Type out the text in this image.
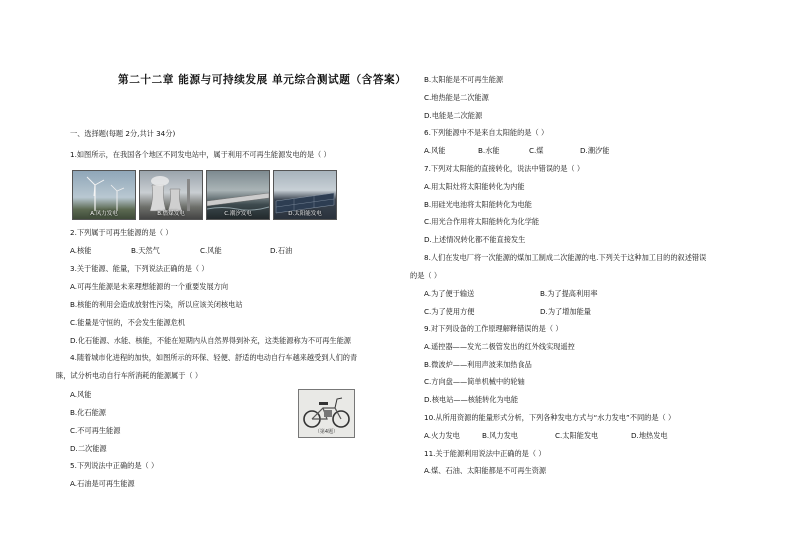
第二十二章 能源与可持续发展 单元综合测试题（含答案）
一、选择题(每题 2分,共计 34分)
1.如图所示，在我国各个地区不同发电站中，属于利用不可再生能源发电的是（ ）
A.风力发电	B.燃煤发电	C.潮汐发电	D.太阳能发电
2.下列属于可再生能源的是（ ）
A.核能	B.天然气	C.风能	D.石油
3.关于能源、能量，下列说法正确的是（ ）
A.可再生能源是未来理想能源的一个重要发展方向
B.核能的利用会造成放射性污染，所以应该关闭核电站
C.能量是守恒的，不会发生能源危机
D.化石能源、水能、核能，不能在短期内从自然界得到补充，这类能源称为不可再生能源
4.随着城市化进程的加快，如图所示的环保、轻便、舒适的电动自行车越来越受到人们的青
睐，试分析电动自行车所消耗的能源属于（ ）
A.风能
B.化石能源
C.不可再生能源
D.二次能源
（第4题）
5.下列说法中正确的是（ ）
A.石油是可再生能源
B.太阳能是不可再生能源
C.地热能是二次能源
D.电能是二次能源
6.下列能源中不是来自太阳能的是（ ）
A.风能	B.水能	C.煤	D.潮汐能
7.下列对太阳能的直接转化，说法中错误的是（ ）
A.用太阳灶将太阳能转化为内能
B.用硅光电池将太阳能转化为电能
C.用光合作用将太阳能转化为化学能
D.上述情况转化都不能直接发生
8.人们在发电厂将一次能源的煤加工制成二次能源的电.下列关于这种加工目的的叙述错误
的是（ ）
A.为了便于输送	B.为了提高利用率
C.为了使用方便	D.为了增加能量
9.对下列设备的工作原理解释错误的是（ ）
A.遥控器——发光二极管发出的红外线实现遥控
B.微波炉——利用声波来加热食品
C.方向盘——简单机械中的轮轴
D.核电站——核能转化为电能
10.从所用资源的能量形式分析，下列各种发电方式与“水力发电”不同的是（ ）
A.火力发电	B.风力发电	C.太阳能发电	D.地热发电
11.关于能源利用说法中正确的是（ ）
A.煤、石油、太阳能都是不可再生资源
